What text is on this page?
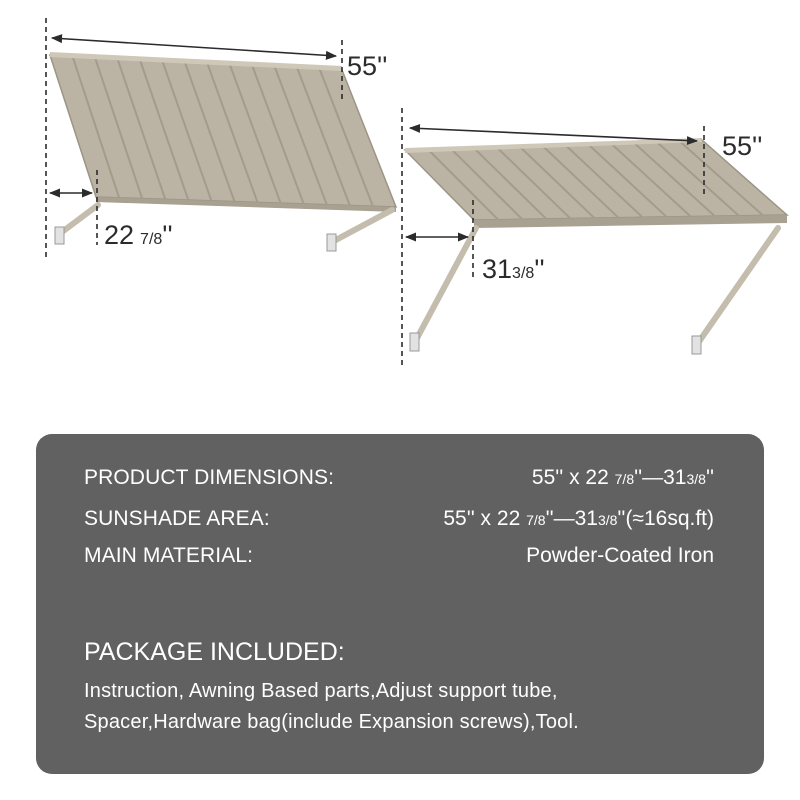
55''
22 7/8''
55''
313/8''
PRODUCT DIMENSIONS:	55'' x 22 7/8''—313/8''
SUNSHADE AREA:	55'' x 22 7/8''—313/8''(≈16sq.ft)
MAIN MATERIAL:	Powder-Coated Iron
PACKAGE INCLUDED:
Instruction, Awning Based parts,Adjust support tube,
Spacer,Hardware bag(include Expansion screws),Tool.
